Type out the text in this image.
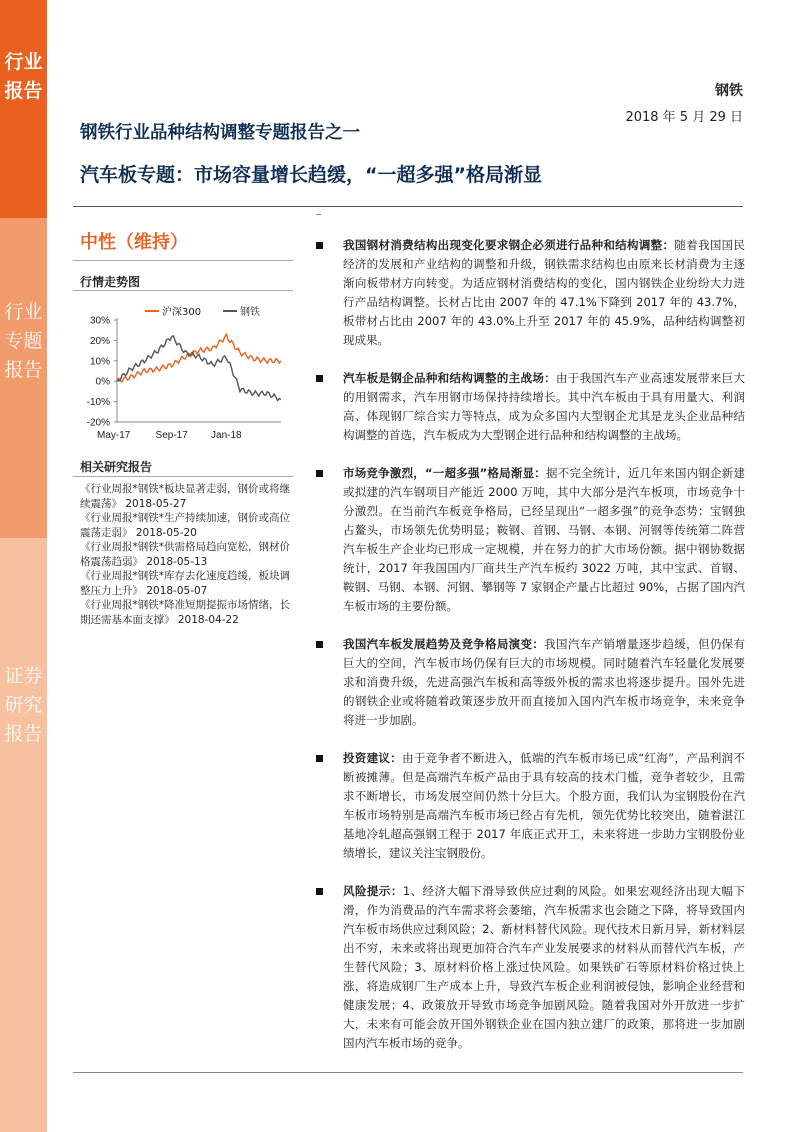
行业报告
行业专题报告
证券研究报告
钢铁
2018 年 5 月 29 日
钢铁行业品种结构调整专题报告之一
汽车板专题：市场容量增长趋缓，“一超多强”格局渐显
中性（维持）
行情走势图
30%
20%
10%
0%
-10%
-20%
May-17	Sep-17 Jan-18
沪深300	钢铁
相关研究报告
《行业周报*钢铁*板块显著走弱，钢价或将继续震荡》 2018-05-27
《行业周报*钢铁*生产持续加速，钢价或高位震荡走弱》 2018-05-20
《行业周报*钢铁*供需格局趋向宽松，钢材价格震荡趋弱》 2018-05-13
《行业周报*钢铁*库存去化速度趋缓，板块调整压力上升》 2018-05-07
《行业周报*钢铁*降准短期提振市场情绪，长期还需基本面支撑》 2018-04-22
我国钢材消费结构出现变化要求钢企必须进行品种和结构调整：随着我国国民经济的发展和产业结构的调整和升级，钢铁需求结构也由原来长材消费为主逐渐向板带材方向转变。为适应钢材消费结构的变化，国内钢铁企业纷纷大力进行产品结构调整。长材占比由 2007 年的 47.1%下降到 2017 年的 43.7%，板带材占比由 2007 年的 43.0%上升至 2017 年的 45.9%，品种结构调整初现成果。
汽车板是钢企品种和结构调整的主战场：由于我国汽车产业高速发展带来巨大的用钢需求，汽车用钢市场保持持续增长。其中汽车板由于具有用量大、利润高、体现钢厂综合实力等特点，成为众多国内大型钢企尤其是龙头企业品种结构调整的首选，汽车板成为大型钢企进行品种和结构调整的主战场。
市场竞争激烈，“一超多强”格局渐显：据不完全统计，近几年来国内钢企新建或拟建的汽车钢项目产能近 2000 万吨，其中大部分是汽车板项，市场竞争十分激烈。在当前汽车板竞争格局，已经呈现出“一超多强”的竞争态势：宝钢独占鳌头，市场领先优势明显；鞍钢、首钢、马钢、本钢、河钢等传统第二阵营汽车板生产企业均已形成一定规模，并在努力的扩大市场份额。据中钢协数据统计，2017 年我国国内厂商共生产汽车板约 3022 万吨，其中宝武、首钢、鞍钢、马钢、本钢、河钢、攀钢等 7 家钢企产量占比超过 90%，占据了国内汽车板市场的主要份额。
我国汽车板发展趋势及竞争格局演变：我国汽车产销增量逐步趋缓，但仍保有巨大的空间，汽车板市场仍保有巨大的市场规模。同时随着汽车轻量化发展要求和消费升级，先进高强汽车板和高等级外板的需求也将逐步提升。国外先进的钢铁企业或将随着政策逐步放开而直接加入国内汽车板市场竞争，未来竞争将进一步加剧。
投资建议：由于竞争者不断进入，低端的汽车板市场已成“红海”，产品利润不断被摊薄。但是高端汽车板产品由于具有较高的技术门槛，竞争者较少，且需求不断增长，市场发展空间仍然十分巨大。个股方面，我们认为宝钢股份在汽车板市场特别是高端汽车板市场已经占有先机，领先优势比较突出，随着湛江基地冷轧超高强钢工程于 2017 年底正式开工，未来将进一步助力宝钢股份业绩增长，建议关注宝钢股份。
风险提示：1、经济大幅下滑导致供应过剩的风险。如果宏观经济出现大幅下滑，作为消费品的汽车需求将会萎缩，汽车板需求也会随之下降，将导致国内汽车板市场供应过剩风险；2、新材料替代风险。现代技术日新月异，新材料层出不穷，未来或将出现更加符合汽车产业发展要求的材料从而替代汽车板，产生替代风险；3、原材料价格上涨过快风险。如果铁矿石等原材料价格过快上涨，将造成钢厂生产成本上升，导致汽车板企业利润被侵蚀，影响企业经营和健康发展；4、政策放开导致市场竞争加剧风险。随着我国对外开放进一步扩大，未来有可能会放开国外钢铁企业在国内独立建厂的政策，那将进一步加剧国内汽车板市场的竞争。
